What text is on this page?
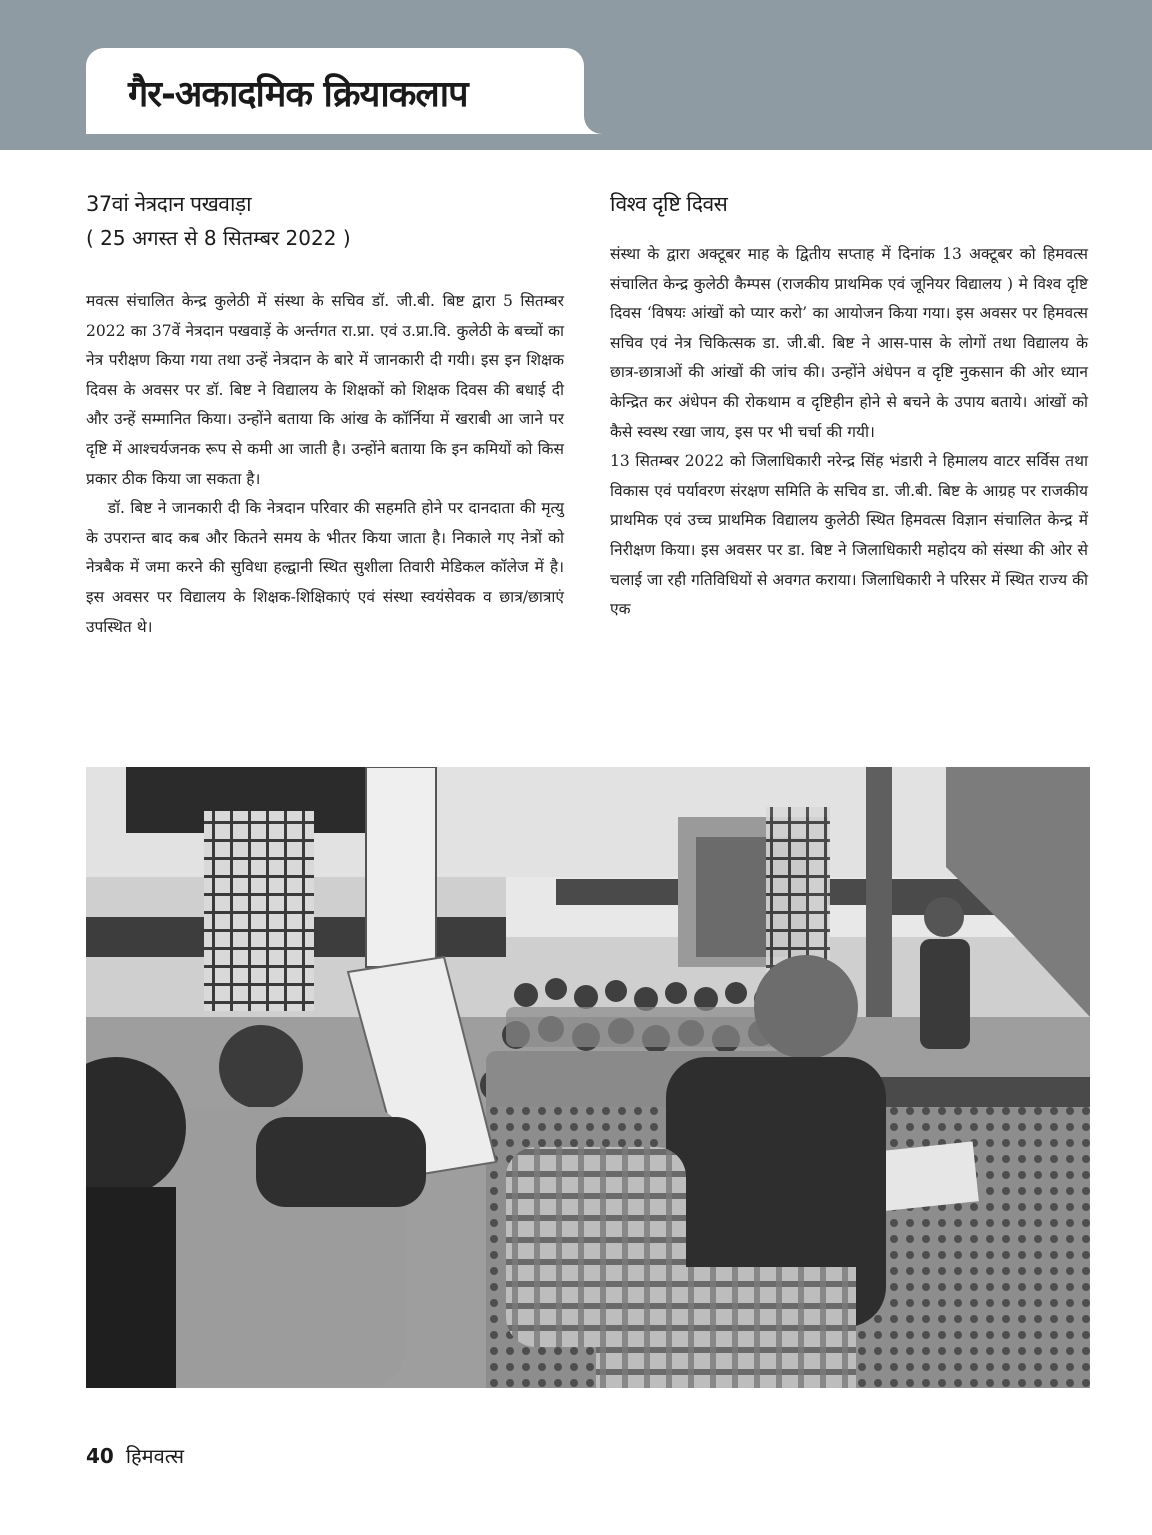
गैर-अकादमिक क्रियाकलाप
37वां नेत्रदान पखवाड़ा

( 25 अगस्त से 8 सितम्बर 2022 )

मवत्स संचालित केन्द्र कुलेठी में संस्था के सचिव डॉ. जी.बी. बिष्ट द्वारा 5 सितम्बर 2022 का 37वें नेत्रदान पखवाड़ें के अर्न्तगत रा.प्रा. एवं उ.प्रा.वि. कुलेठी के बच्चों का नेत्र परीक्षण किया गया तथा उन्हें नेत्रदान के बारे में जानकारी दी गयी। इस इन शिक्षक दिवस के अवसर पर डॉ. बिष्ट ने विद्यालय के शिक्षकों को शिक्षक दिवस की बधाई दी और उन्हें सम्मानित किया। उन्होंने बताया कि आंख के कॉर्निया में खराबी आ जाने पर दृष्टि में आश्चर्यजनक रूप से कमी आ जाती है। उन्होंने बताया कि इन कमियों को किस प्रकार ठीक किया जा सकता है।

डॉ. बिष्ट ने जानकारी दी कि नेत्रदान परिवार की सहमति होने पर दानदाता की मृत्यु के उपरान्त बाद कब और कितने समय के भीतर किया जाता है। निकाले गए नेत्रों को नेत्रबैक में जमा करने की सुविधा हल्द्वानी स्थित सुशीला तिवारी मेडिकल कॉलेज में है। इस अवसर पर विद्यालय के शिक्षक-शिक्षिकाएं एवं संस्था स्वयंसेवक व छात्र/छात्राएं उपस्थित थे।

विश्व दृष्टि दिवस

संस्था के द्वारा अक्टूबर माह के द्वितीय सप्ताह में दिनांक 13 अक्टूबर को हिमवत्स संचालित केन्द्र कुलेठी कैम्पस (राजकीय प्राथमिक एवं जूनियर विद्यालय ) मे विश्व दृष्टि दिवस ‘विषयः आंखों को प्यार करो’ का आयोजन किया गया। इस अवसर पर हिमवत्स सचिव एवं नेत्र चिकित्सक डा. जी.बी. बिष्ट ने आस-पास के लोगों तथा विद्यालय के छात्र-छात्राओं की आंखों की जांच की। उन्होंने अंधेपन व दृष्टि नुकसान की ओर ध्यान केन्द्रित कर अंधेपन की रोकथाम व दृष्टिहीन होने से बचने के उपाय बताये। आंखों को कैसे स्वस्थ रखा जाय, इस पर भी चर्चा की गयी।

13 सितम्बर 2022 को जिलाधिकारी नरेन्द्र सिंह भंडारी ने हिमालय वाटर सर्विस तथा विकास एवं पर्यावरण संरक्षण समिति के सचिव डा. जी.बी. बिष्ट के आग्रह पर राजकीय प्राथमिक एवं उच्च प्राथमिक विद्यालय कुलेठी स्थित हिमवत्स विज्ञान संचालित केन्द्र में निरीक्षण किया। इस अवसर पर डा. बिष्ट ने जिलाधिकारी महोदय को संस्था की ओर से चलाई जा रही गतिविधियों से अवगत कराया। जिलाधिकारी ने परिसर में स्थित राज्य की एक

40 हिमवत्स
